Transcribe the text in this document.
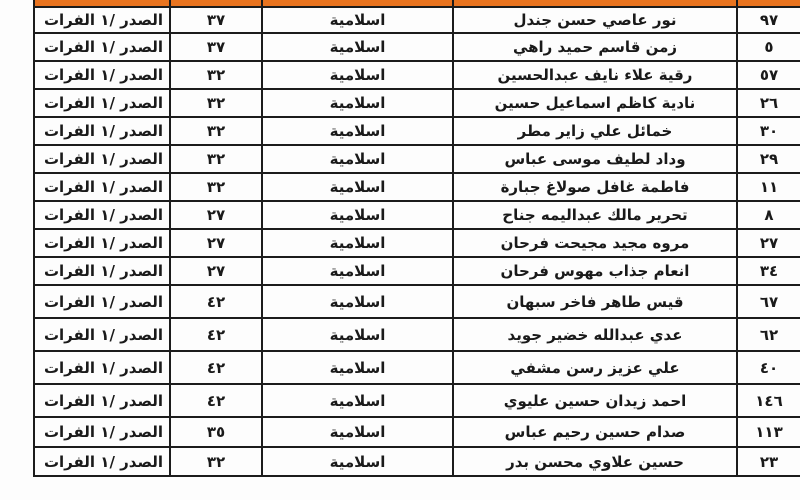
٩٧	نور عاصي حسن جندل	اسلامية	٣٧	الصدر /١ الفرات
٥	زمن قاسم حميد راهي	اسلامية	٣٧	الصدر /١ الفرات
٥٧	رقية علاء نايف عبدالحسين	اسلامية	٣٢	الصدر /١ الفرات
٢٦	نادية كاظم اسماعيل حسين	اسلامية	٣٢	الصدر /١ الفرات
٣٠	خمائل علي زاير مطر	اسلامية	٣٢	الصدر /١ الفرات
٢٩	وداد لطيف موسى عباس	اسلامية	٣٢	الصدر /١ الفرات
١١	فاطمة غافل صولاغ جبارة	اسلامية	٣٢	الصدر /١ الفرات
٨	تحرير مالك عبداليمه جناح	اسلامية	٢٧	الصدر /١ الفرات
٢٧	مروه مجيد مجيحت فرحان	اسلامية	٢٧	الصدر /١ الفرات
٣٤	انعام جذاب مهوس فرحان	اسلامية	٢٧	الصدر /١ الفرات
٦٧	قيس طاهر فاخر سبهان	اسلامية	٤٢	الصدر /١ الفرات
٦٢	عدي عبدالله خضير جويد	اسلامية	٤٢	الصدر /١ الفرات
٤٠	علي عزيز رسن مشفي	اسلامية	٤٢	الصدر /١ الفرات
١٤٦	احمد زيدان حسين عليوي	اسلامية	٤٢	الصدر /١ الفرات
١١٣	صدام حسين رحيم عباس	اسلامية	٣٥	الصدر /١ الفرات
٢٣	حسين علاوي محسن بدر	اسلامية	٣٢	الصدر /١ الفرات
